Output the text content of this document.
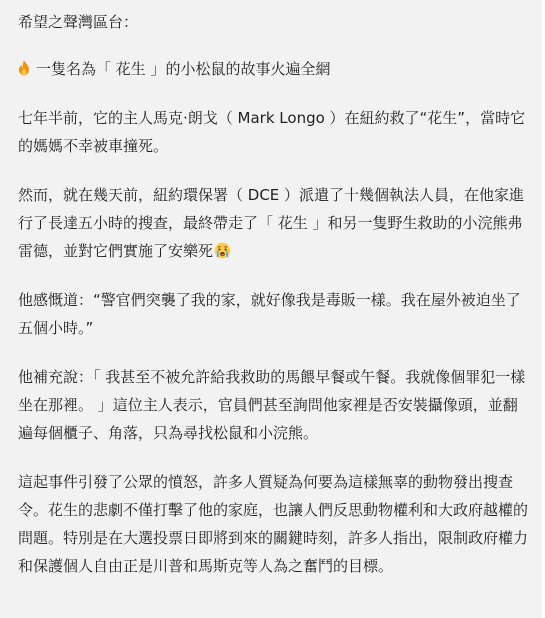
希望之聲灣區台：

一隻名為「 花生 」的小松鼠的故事火遍全網

七年半前，它的主人馬克·朗戈（ Mark Longo ）在紐約救了“花生”，當時它的媽媽不幸被車撞死。

然而，就在幾天前，紐約環保署（ DCE ）派遣了十幾個執法人員，在他家進行了長達五小時的搜查，最終帶走了「 花生 」和另一隻野生救助的小浣熊弗雷德，並對它們實施了安樂死

他感慨道：“警官們突襲了我的家，就好像我是毒販一樣。我在屋外被迫坐了五個小時。”

他補充說：「 我甚至不被允許給我救助的馬餵早餐或午餐。我就像個罪犯一樣坐在那裡。 」這位主人表示，官員們甚至詢問他家裡是否安裝攝像頭，並翻遍每個櫃子、角落，只為尋找松鼠和小浣熊。

這起事件引發了公眾的憤怒，許多人質疑為何要為這樣無辜的動物發出搜查令。花生的悲劇不僅打擊了他的家庭，也讓人們反思動物權利和大政府越權的問題。特別是在大選投票日即將到來的關鍵時刻，許多人指出，限制政府權力和保護個人自由正是川普和馬斯克等人為之奮鬥的目標。
